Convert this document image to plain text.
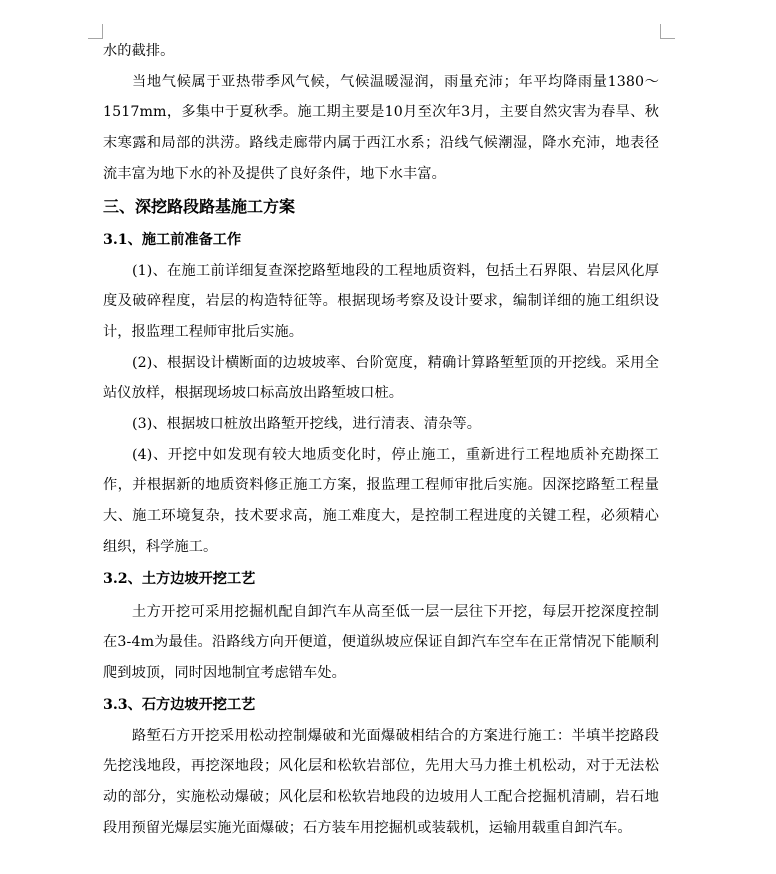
水的截排。

当地气候属于亚热带季风气候，气候温暖湿润，雨量充沛；年平均降雨量1380～1517mm，多集中于夏秋季。施工期主要是10月至次年3月，主要自然灾害为春旱、秋末寒露和局部的洪涝。路线走廊带内属于西江水系；沿线气候潮湿，降水充沛，地表径流丰富为地下水的补及提供了良好条件，地下水丰富。

三、深挖路段路基施工方案
3.1、施工前准备工作

(1)、在施工前详细复查深挖路堑地段的工程地质资料，包括土石界限、岩层风化厚度及破碎程度，岩层的构造特征等。根据现场考察及设计要求，编制详细的施工组织设计，报监理工程师审批后实施。

(2)、根据设计横断面的边坡坡率、台阶宽度，精确计算路堑堑顶的开挖线。采用全站仪放样，根据现场坡口标高放出路堑坡口桩。

(3)、根据坡口桩放出路堑开挖线，进行清表、清杂等。

(4)、开挖中如发现有较大地质变化时，停止施工，重新进行工程地质补充勘探工作，并根据新的地质资料修正施工方案，报监理工程师审批后实施。因深挖路堑工程量大、施工环境复杂，技术要求高，施工难度大，是控制工程进度的关键工程，必须精心组织，科学施工。

3.2、土方边坡开挖工艺

土方开挖可采用挖掘机配自卸汽车从高至低一层一层往下开挖，每层开挖深度控制在3-4m为最佳。沿路线方向开便道，便道纵坡应保证自卸汽车空车在正常情况下能顺利爬到坡顶，同时因地制宜考虑错车处。

3.3、石方边坡开挖工艺

路堑石方开挖采用松动控制爆破和光面爆破相结合的方案进行施工：半填半挖路段先挖浅地段，再挖深地段；风化层和松软岩部位，先用大马力推土机松动，对于无法松动的部分，实施松动爆破；风化层和松软岩地段的边坡用人工配合挖掘机清刷，岩石地段用预留光爆层实施光面爆破；石方装车用挖掘机或装载机，运输用载重自卸汽车。
